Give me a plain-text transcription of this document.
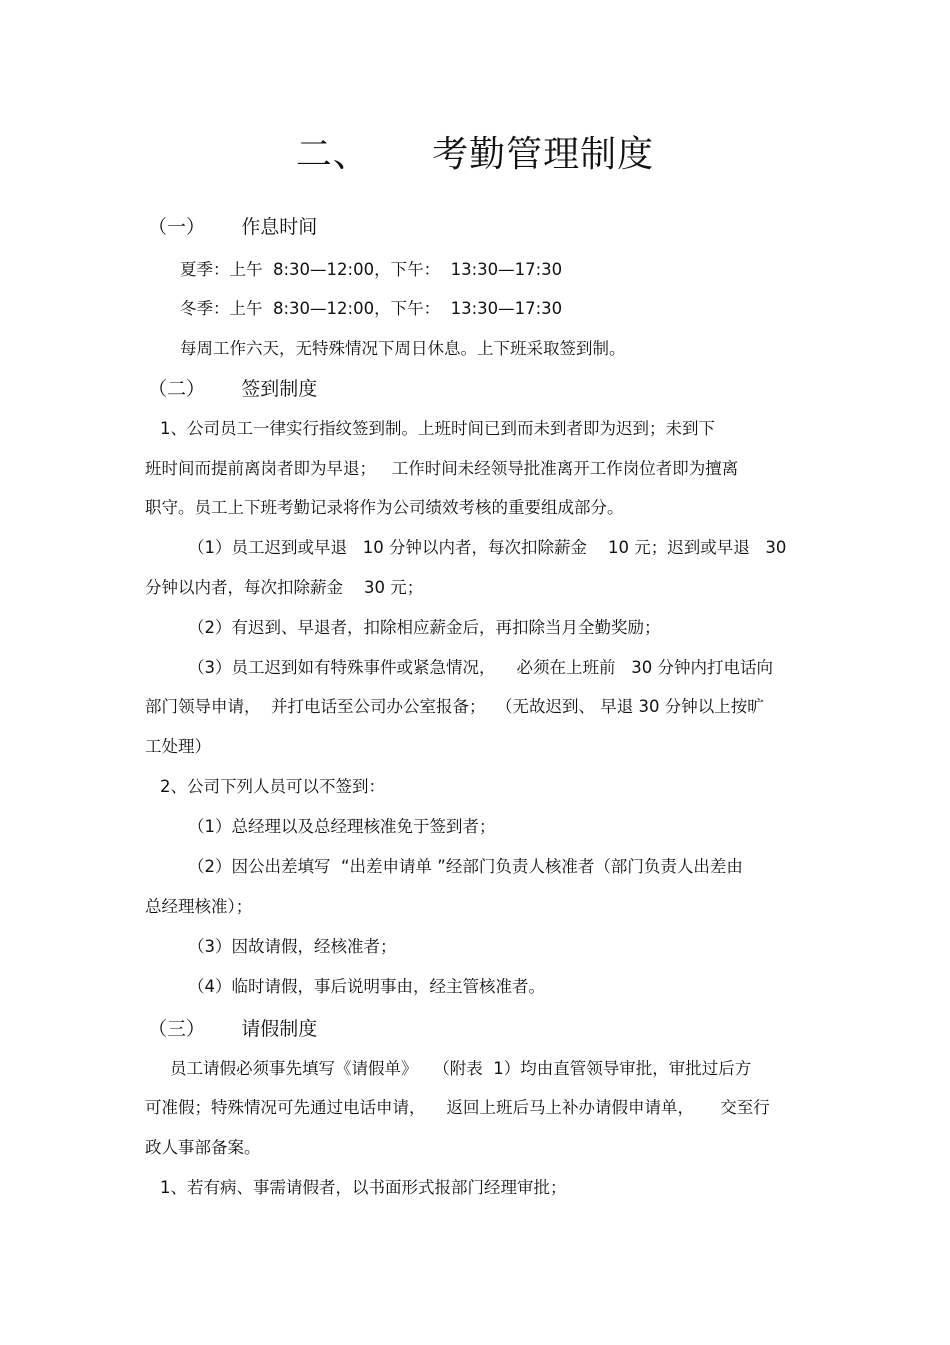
二、     考勤管理制度
（一）      作息时间
夏季：上午  8:30—12:00，下午：  13:30—17:30
冬季：上午  8:30—12:00，下午：  13:30—17:30
每周工作六天，无特殊情况下周日休息。上下班采取签到制。
（二）      签到制度
1、公司员工一律实行指纹签到制。上班时间已到而未到者即为迟到；未到下
班时间而提前离岗者即为早退；   工作时间未经领导批准离开工作岗位者即为擅离
职守。员工上下班考勤记录将作为公司绩效考核的重要组成部分。
（1）员工迟到或早退   10 分钟以内者，每次扣除薪金    10 元；迟到或早退   30
分钟以内者，每次扣除薪金    30 元；
（2）有迟到、早退者，扣除相应薪金后，再扣除当月全勤奖励；
（3）员工迟到如有特殊事件或紧急情况，    必须在上班前   30 分钟内打电话向
部门领导申请，  并打电话至公司办公室报备；  （无故迟到、 早退 30 分钟以上按旷
工处理）
2、公司下列人员可以不签到：
（1）总经理以及总经理核准免于签到者；
（2）因公出差填写  “出差申请单 ”经部门负责人核准者（部门负责人出差由
总经理核准）；
（3）因故请假，经核准者；
（4）临时请假，事后说明事由，经主管核准者。
（三）      请假制度
员工请假必须事先填写《请假单》   （附表  1）均由直管领导审批，审批过后方
可准假；特殊情况可先通过电话申请，    返回上班后马上补办请假申请单，     交至行
政人事部备案。
1、若有病、事需请假者，以书面形式报部门经理审批；
